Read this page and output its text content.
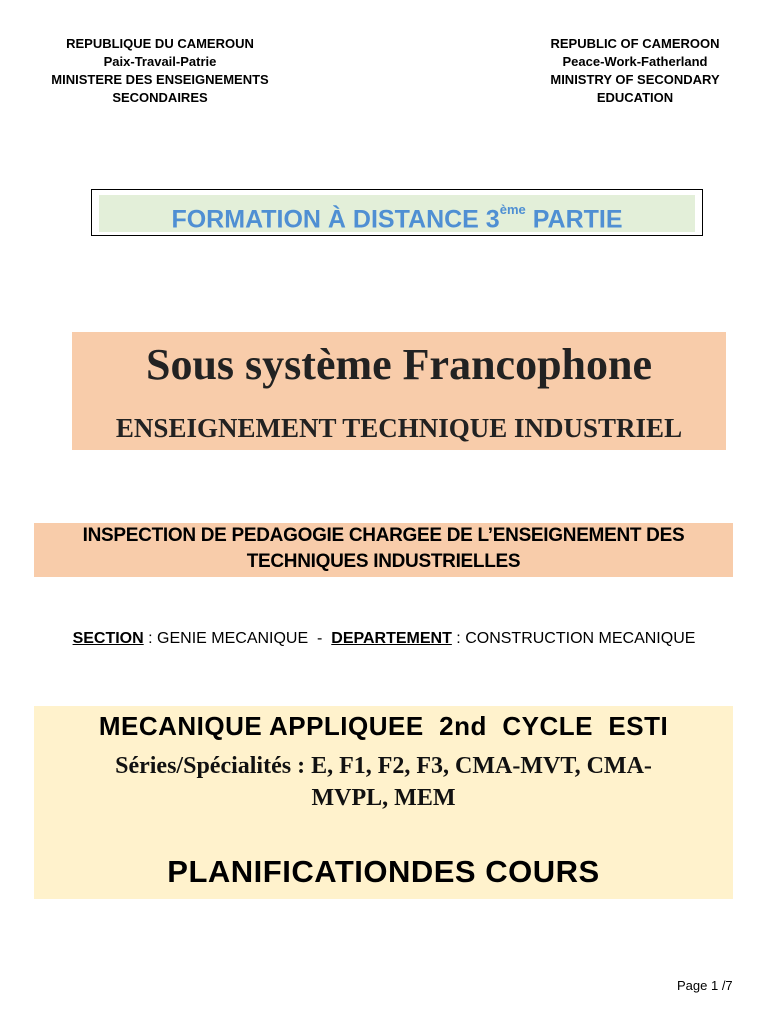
REPUBLIQUE DU CAMEROUN
Paix-Travail-Patrie
MINISTERE DES ENSEIGNEMENTS
SECONDAIRES
REPUBLIC OF CAMEROON
Peace-Work-Fatherland
MINISTRY OF SECONDARY
EDUCATION
FORMATION À DISTANCE 3ème PARTIE
Sous système Francophone
ENSEIGNEMENT TECHNIQUE INDUSTRIEL
INSPECTION DE PEDAGOGIE CHARGEE DE L’ENSEIGNEMENT DES
TECHNIQUES INDUSTRIELLES
SECTION : GENIE MECANIQUE  -  DEPARTEMENT : CONSTRUCTION MECANIQUE
MECANIQUE APPLIQUEE  2nd  CYCLE  ESTI
Séries/Spécialités : E, F1, F2, F3, CMA-MVT, CMA-
MVPL, MEM
PLANIFICATIONDES COURS
Page 1 /7
